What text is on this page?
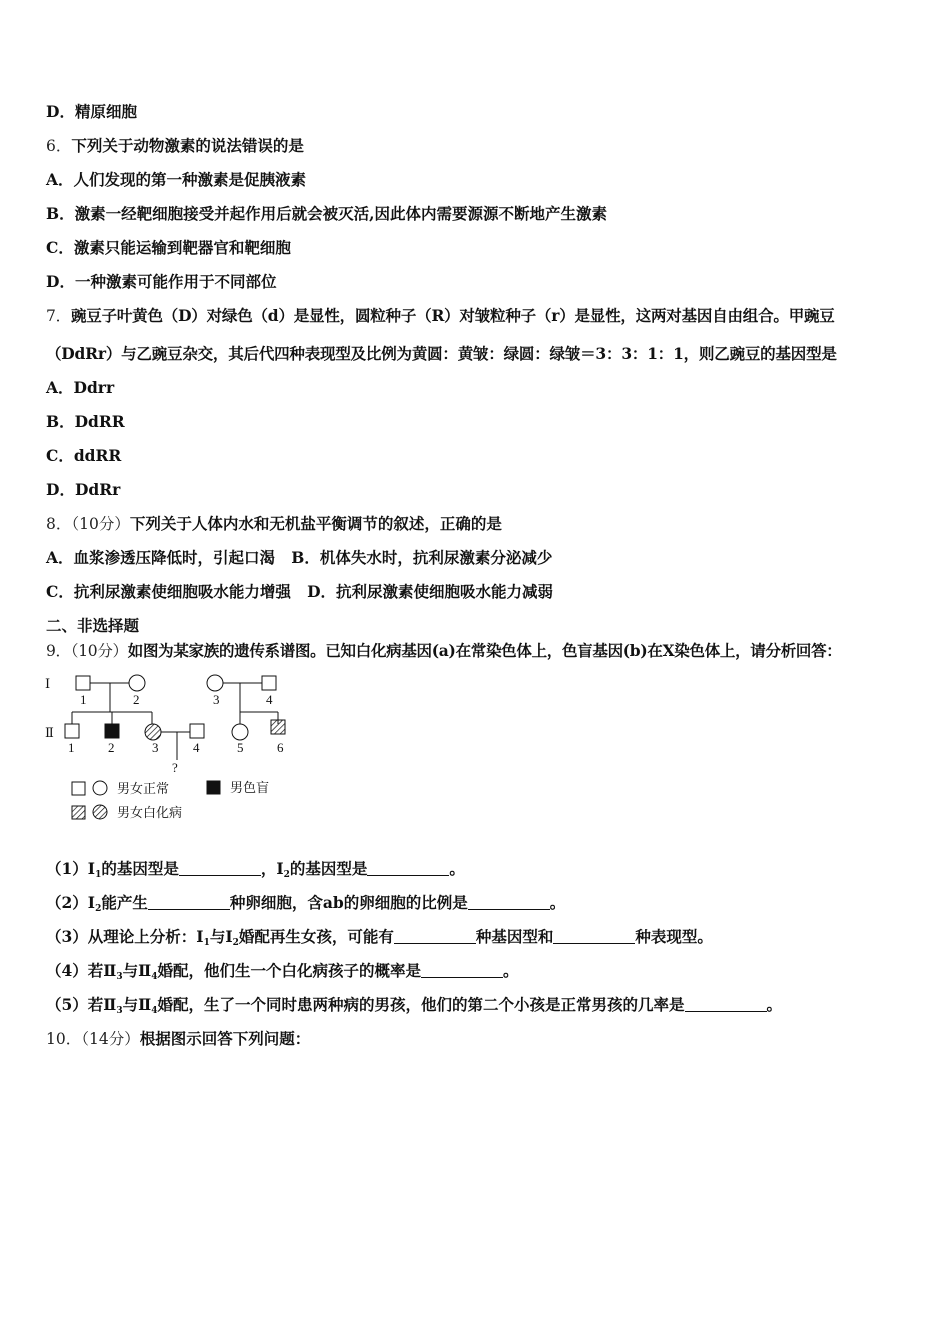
D．精原细胞
6．下列关于动物激素的说法错误的是
A．人们发现的第一种激素是促胰液素
B．激素一经靶细胞接受并起作用后就会被灭活,因此体内需要源源不断地产生激素
C．激素只能运输到靶器官和靶细胞
D．一种激素可能作用于不同部位
7．豌豆子叶黄色（D）对绿色（d）是显性，圆粒种子（R）对皱粒种子（r）是显性，这两对基因自由组合。甲豌豆
（DdRr）与乙豌豆杂交，其后代四种表现型及比例为黄圆：黄皱：绿圆：绿皱＝3：3：1：1，则乙豌豆的基因型是
A．Ddrr
B．DdRR
C．ddRR
D．DdRr
8．（10分）下列关于人体内水和无机盐平衡调节的叙述，正确的是
A．血浆渗透压降低时，引起口渴 B．机体失水时，抗利尿激素分泌减少
C．抗利尿激素使细胞吸水能力增强 D．抗利尿激素使细胞吸水能力减弱
二、非选择题
9．（10分）如图为某家族的遗传系谱图。已知白化病基因(a)在常染色体上，色盲基因(b)在X染色体上，请分析回答：
Ⅰ
Ⅱ
1	2	3	4
1	2	3	4	5	6
?
男女正常	男色盲
男女白化病
$(1)Ⅰ_1$的基因型是	，$Ⅰ_2$的基因型是	。
$(2)Ⅰ_2$能产生	种卵细胞，含ab的卵细胞的比例是	。
（3）从理论上分析：$Ⅰ_1$与$Ⅰ_2$婚配再生女孩，可能有	种基因型和	种表现型。
（4）若$Ⅱ_3$与$Ⅱ_4$婚配，他们生一个白化病孩子的概率是	。
（5）若$Ⅱ_3$与$Ⅱ_4$婚配，生了一个同时患两种病的男孩，他们的第二个小孩是正常男孩的几率是	。
10．（14分）根据图示回答下列问题：
